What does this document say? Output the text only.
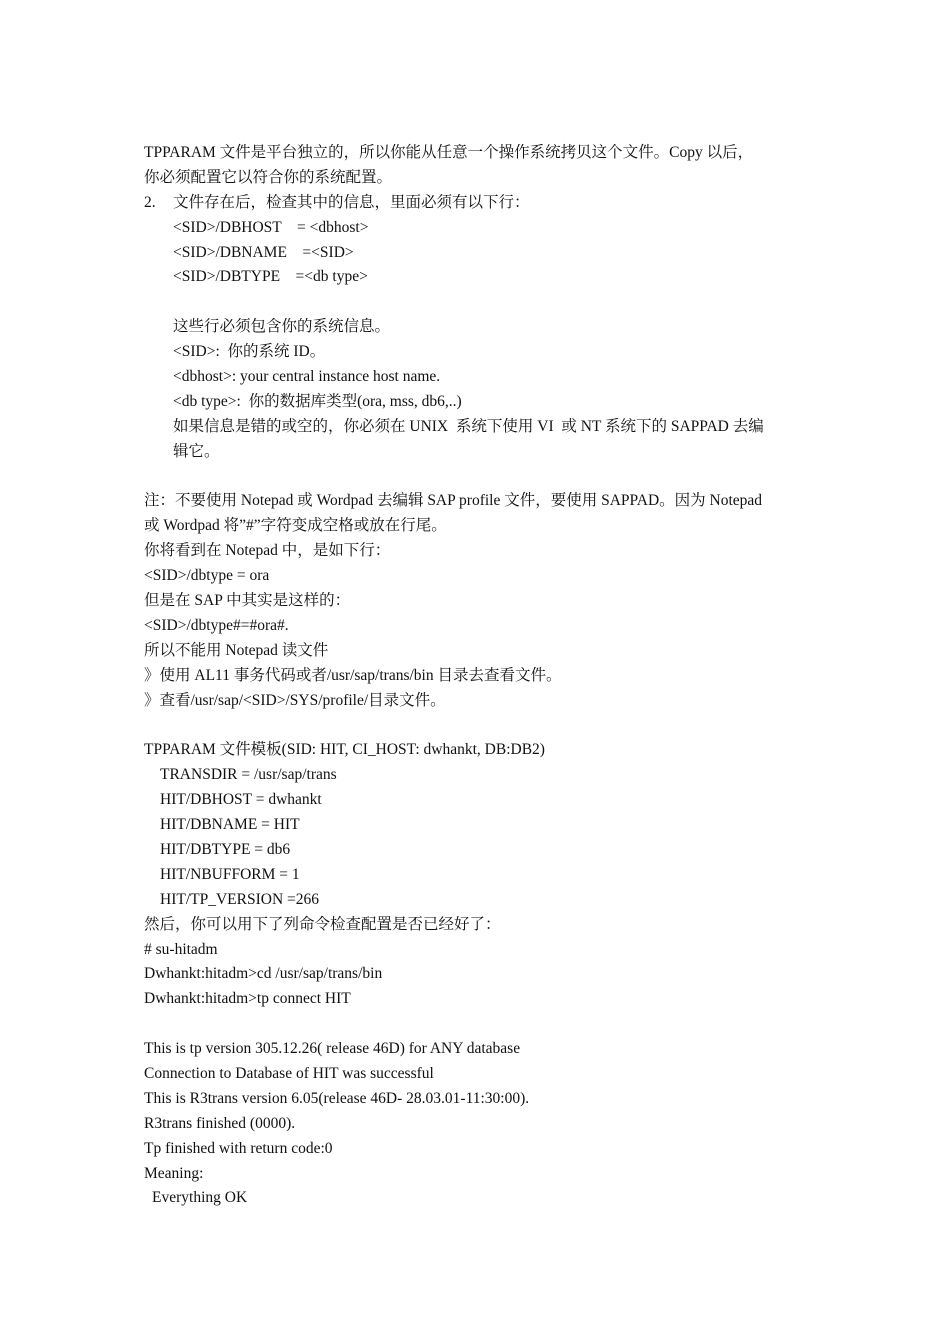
TPPARAM 文件是平台独立的，所以你能从任意一个操作系统拷贝这个文件。Copy 以后，
你必须配置它以符合你的系统配置。
2.	文件存在后，检查其中的信息，里面必须有以下行：
<SID>/DBHOST    = <dbhost>
<SID>/DBNAME    =<SID>
<SID>/DBTYPE    =<db type>
这些行必须包含你的系统信息。
<SID>:  你的系统 ID。
<dbhost>: your central instance host name.
<db type>:  你的数据库类型(ora, mss, db6,..)
如果信息是错的或空的，你必须在 UNIX  系统下使用 VI  或 NT 系统下的 SAPPAD 去编
辑它。
注：不要使用 Notepad 或 Wordpad 去编辑 SAP profile 文件，要使用 SAPPAD。因为 Notepad
或 Wordpad 将”#”字符变成空格或放在行尾。
你将看到在 Notepad 中，是如下行：
<SID>/dbtype = ora
但是在 SAP 中其实是这样的：
<SID>/dbtype#=#ora#.
所以不能用 Notepad 读文件
》使用 AL11 事务代码或者/usr/sap/trans/bin 目录去查看文件。
》查看/usr/sap/<SID>/SYS/profile/目录文件。
TPPARAM 文件模板(SID: HIT, CI_HOST: dwhankt, DB:DB2)
TRANSDIR = /usr/sap/trans
HIT/DBHOST = dwhankt
HIT/DBNAME = HIT
HIT/DBTYPE = db6
HIT/NBUFFORM = 1
HIT/TP_VERSION =266
然后，你可以用下了列命令检查配置是否已经好了：
# su-hitadm
Dwhankt:hitadm>cd /usr/sap/trans/bin
Dwhankt:hitadm>tp connect HIT
This is tp version 305.12.26( release 46D) for ANY database
Connection to Database of HIT was successful
This is R3trans version 6.05(release 46D- 28.03.01-11:30:00).
R3trans finished (0000).
Tp finished with return code:0
Meaning:
Everything OK
